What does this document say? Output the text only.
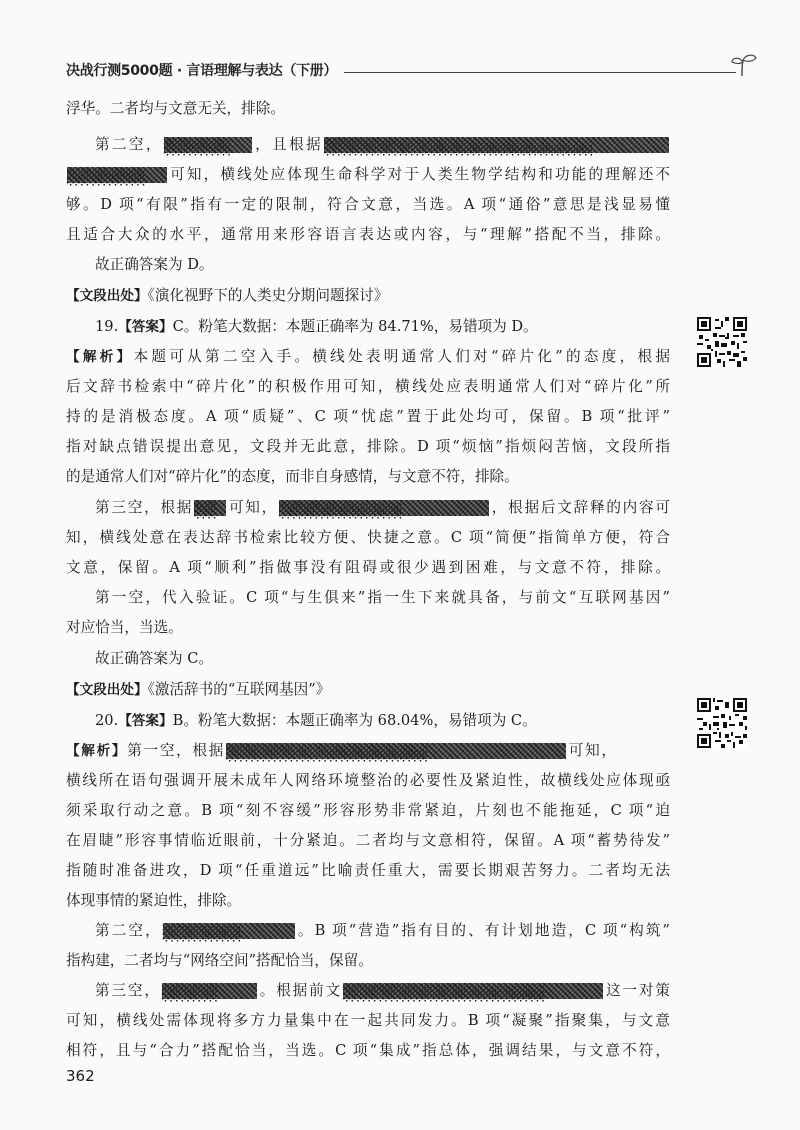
决战行测5000题 · 言语理解与表达（下册）
浮华。二者均与文意无关，排除。
第二空，░░░░░░ ，且根据░░░░░░░░░░░░░░░░░░░░░░░░
░░░░░░░ 可知，横线处应体现生命科学对于人类生物学结构和功能的理解还不
够。D 项“有限”指有一定的限制，符合文意，当选。A 项“通俗”意思是浅显易懂
且适合大众的水平，通常用来形容语言表达或内容，与“理解”搭配不当，排除。
故正确答案为 D。
【文段出处】《演化视野下的人类史分期问题探讨》
19.【答案】C。粉笔大数据：本题正确率为 84.71%，易错项为 D。
【解析】本题可从第二空入手。横线处表明通常人们对“碎片化”的态度，根据
后文辞书检索中“碎片化”的积极作用可知，横线处应表明通常人们对“碎片化”所
持的是消极态度。A 项“质疑”、C 项“忧虑”置于此处均可，保留。B 项“批评”
指对缺点错误提出意见，文段并无此意，排除。D 项“烦恼”指烦闷苦恼，文段所指
的是通常人们对“碎片化”的态度，而非自身感情，与文意不符，排除。
第三空，根据░░ 可知，░░░░░░░░░░░	，根据后文辞释的内容可
知，横线处意在表达辞书检索比较方便、快捷之意。C 项“简便”指简单方便，符合
文意，保留。A 项“顺利”指做事没有阻碍或很少遇到困难，与文意不符，排除。
第一空，代入验证。C 项“与生俱来”指一生下来就具备，与前文“互联网基因”
对应恰当，当选。
故正确答案为 C。
【文段出处】《激活辞书的“互联网基因”》
20.【答案】B。粉笔大数据：本题正确率为 68.04%，易错项为 C。
【解析】第一空，根据░░░░░░░░░░░░░░░░░░	可知，
横线所在语句强调开展未成年人网络环境整治的必要性及紧迫性，故横线处应体现亟
须采取行动之意。B 项“刻不容缓”形容形势非常紧迫，片刻也不能拖延，C 项“迫
在眉睫”形容事情临近眼前，十分紧迫。二者均与文意相符，保留。A 项“蓄势待发”
指随时准备进攻，D 项“任重道远”比喻责任重大，需要长期艰苦努力。二者均无法
体现事情的紧迫性，排除。
第二空，░░░░░░░	。B 项“营造”指有目的、有计划地造，C 项“构筑”
指构建，二者均与“网络空间”搭配恰当，保留。
第三空，░░░░░	。根据前文░░░░░░░░░░░░░░░░░░	这一对策
可知，横线处需体现将多方力量集中在一起共同发力。B 项“凝聚”指聚集，与文意
相符，且与“合力”搭配恰当，当选。C 项“集成”指总体，强调结果，与文意不符，
362
